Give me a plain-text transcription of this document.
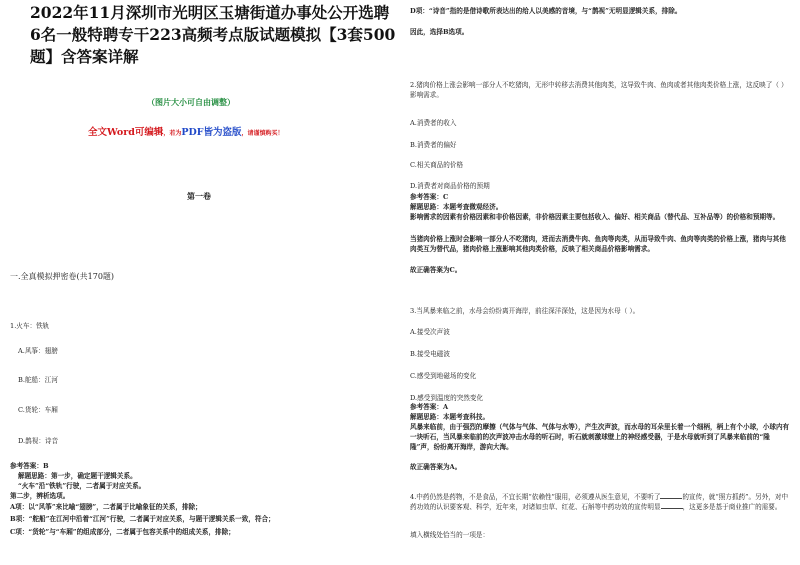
2022年11月深圳市光明区玉塘街道办事处公开选聘
6名一般特聘专干223高频考点版试题模拟【3套500
题】含答案详解
（图片大小可自由调整）
全文Word可编辑，若为PDF皆为盗版，请谨慎购买！
第一卷
一.全真模拟押密卷(共170题)
1.火车：铁轨
A.风筝：翅膀
B.舵船：江河
C.货轮：车厢
D.鹊视：诗音
参考答案：B
解题思路：第一步，确定题干逻辑关系。
“火车”沿“铁轨”行驶，二者属于对应关系。
第二步，辨析选项。
A项：以“风筝”来比喻“翅膀”，二者属于比喻象征的关系，排除；
B项：“舵船”在江河中沿着“江河”行驶，二者属于对应关系，与题干逻辑关系一致，符合；
C项：“货轮”与“车厢”的组成部分，二者属于包容关系中的组成关系，排除；
D项：“诗音”指的是借诗歌所表达出的给人以美感的音境，与“鹊视”无明显逻辑关系，排除。
因此，选择B选项。
2.猪肉价格上涨会影响一部分人不吃猪肉，无形中转移去消费其他肉类，这导致牛肉、鱼肉或者其他肉类价格上涨，这反映了（ ）影响需求。
A.消费者的收入
B.消费者的偏好
C.相关商品的价格
D.消费者对商品价格的预期
参考答案：C
解题思路：本题考查微观经济。
影响需求的因素有价格因素和非价格因素，非价格因素主要包括收入、偏好、相关商品（替代品、互补品等）的价格和预期等。
当猪肉价格上涨时会影响一部分人不吃猪肉，进而去消费牛肉、鱼肉等肉类，从而导致牛肉、鱼肉等肉类的价格上涨，猪肉与其他肉类互为替代品，猪肉价格上涨影响其他肉类价格，反映了相关商品价格影响需求。
故正确答案为C。
3.当风暴来临之前，水母会纷纷离开海岸，前往深洋深处，这是因为水母（ ）。
A.接受次声波
B.接受电磁波
C.感受到地磁场的变化
D.感受到温度的突然变化
参考答案：A
解题思路：本题考查科技。
风暴来临前，由于强烈的摩擦（气体与气体、气体与水等），产生次声波，而水母的耳朵里长着一个细柄，柄上有个小球，小球内有一块听石，当风暴来临前的次声波冲击水母的听石时，听石就刺激球壁上的神经感受器，于是水母就听到了风暴来临前的“隆隆”声，纷纷离开海岸，游向大海。
故正确答案为A。
4.中药仍然是药物，不是食品，不宜长期“依赖性”服用，必须遵从医生意见，不要听了	的宣传，就“照方抓药”。另外，对中药功效的认识要客观、科学，近年来，对诸如虫草、红花、石斛等中药功效的宣传明显	，这更多是基于商业推广的需要。
填入横线处恰当的一项是：
